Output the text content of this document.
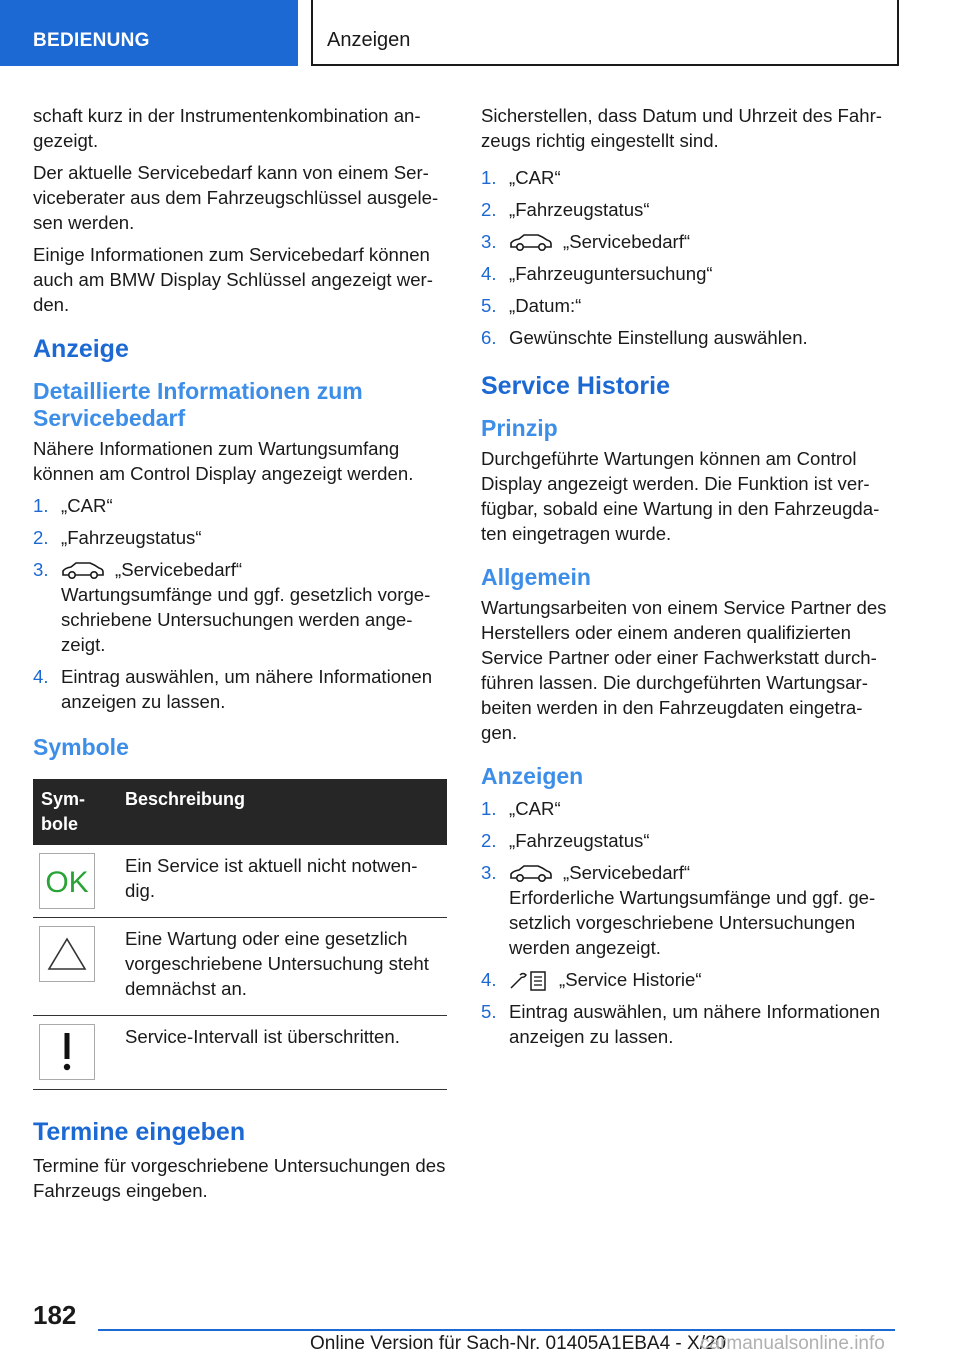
BEDIENUNG	Anzeigen

schaft kurz in der Instrumentenkombination an-gezeigt.

Der aktuelle Servicebedarf kann von einem Ser-viceberater aus dem Fahrzeugschlüssel ausgele-sen werden.

Einige Informationen zum Servicebedarf können auch am BMW Display Schlüssel angezeigt wer-den.

Anzeige
Detaillierte Informationen zum Servicebedarf

Nähere Informationen zum Wartungsumfang können am Control Display angezeigt werden.

1. „CAR“
2. „Fahrzeugstatus“
3.	„Servicebedarf“
Wartungsumfänge und ggf. gesetzlich vorge-schriebene Untersuchungen werden ange-zeigt.
4. Eintrag auswählen, um nähere Informationen anzeigen zu lassen.
Symbole
Sym-bole	Beschreibung

OK	Ein Service ist aktuell nicht notwen-dig.

	Eine Wartung oder eine gesetzlich vorgeschriebene Untersuchung steht demnächst an.

	Service-Intervall ist überschritten.
Termine eingeben

Termine für vorgeschriebene Untersuchungen des Fahrzeugs eingeben.

Sicherstellen, dass Datum und Uhrzeit des Fahr-zeugs richtig eingestellt sind.

1. „CAR“
2. „Fahrzeugstatus“
3.	„Servicebedarf“
4. „Fahrzeuguntersuchung“
5. „Datum:“
6. Gewünschte Einstellung auswählen.
Service Historie
Prinzip

Durchgeführte Wartungen können am Control Display angezeigt werden. Die Funktion ist ver-fügbar, sobald eine Wartung in den Fahrzeugda-ten eingetragen wurde.

Allgemein

Wartungsarbeiten von einem Service Partner des Herstellers oder einem anderen qualifizierten Service Partner oder einer Fachwerkstatt durch-führen lassen. Die durchgeführten Wartungsar-beiten werden in den Fahrzeugdaten eingetra-gen.

Anzeigen
1. „CAR“
2. „Fahrzeugstatus“
3.	„Servicebedarf“
Erforderliche Wartungsumfänge und ggf. ge-setzlich vorgeschriebene Untersuchungen werden angezeigt.
4.	„Service Historie“
5. Eintrag auswählen, um nähere Informationen anzeigen zu lassen.
182
Online Version für Sach-Nr. 01405A1EBA4 - X/20
carmanualsonline.info
